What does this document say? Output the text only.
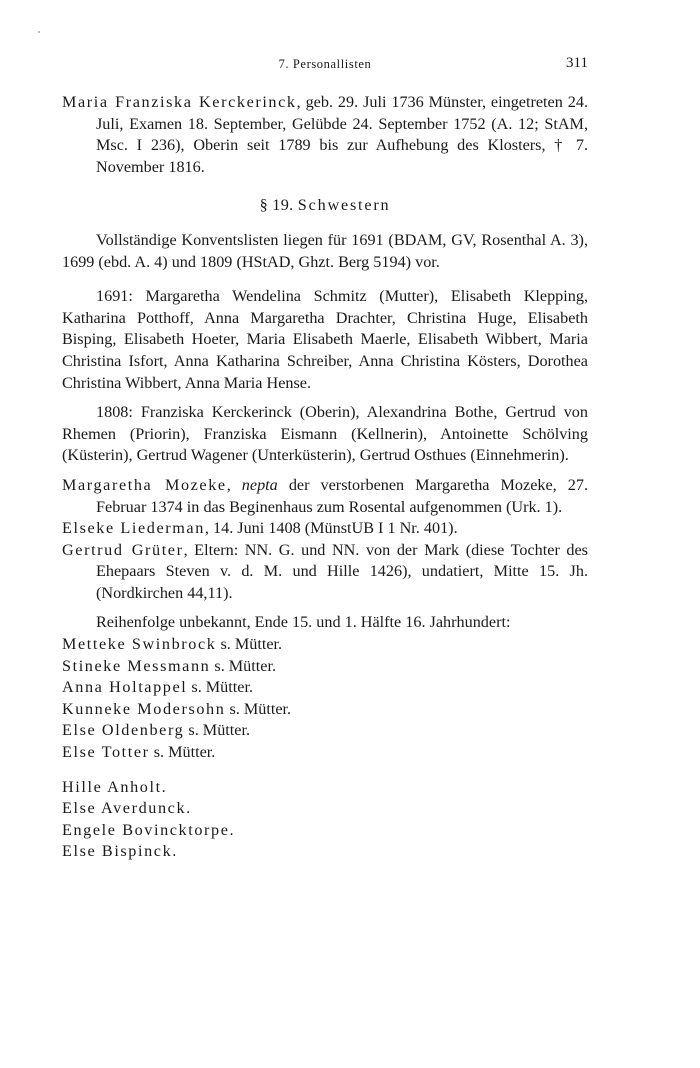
7. Personallisten	311

Maria Franziska Kerckerinck, geb. 29. Juli 1736 Münster, eingetreten 24. Juli, Examen 18. September, Gelübde 24. September 1752 (A. 12; StAM, Msc. I 236), Oberin seit 1789 bis zur Aufhebung des Klosters, † 7. November 1816.

§ 19. Schwestern

Vollständige Konventslisten liegen für 1691 (BDAM, GV, Rosenthal A. 3), 1699 (ebd. A. 4) und 1809 (HStAD, Ghzt. Berg 5194) vor.

1691: Margaretha Wendelina Schmitz (Mutter), Elisabeth Klepping, Katharina Potthoff, Anna Margaretha Drachter, Christina Huge, Elisabeth Bisping, Elisabeth Hoeter, Maria Elisabeth Maerle, Elisabeth Wibbert, Maria Christina Isfort, Anna Katharina Schreiber, Anna Christina Kösters, Dorothea Christina Wibbert, Anna Maria Hense.

1808: Franziska Kerckerinck (Oberin), Alexandrina Bothe, Gertrud von Rhemen (Priorin), Franziska Eismann (Kellnerin), Antoinette Schölving (Küsterin), Gertrud Wagener (Unterküsterin), Gertrud Osthues (Einnehmerin).

Margaretha Mozeke, nepta der verstorbenen Margaretha Mozeke, 27. Februar 1374 in das Beginenhaus zum Rosental aufgenommen (Urk. 1).

Elseke Liederman, 14. Juni 1408 (MünstUB I 1 Nr. 401).

Gertrud Grüter, Eltern: NN. G. und NN. von der Mark (diese Tochter des Ehepaars Steven v. d. M. und Hille 1426), undatiert, Mitte 15. Jh. (Nordkirchen 44,11).

Reihenfolge unbekannt, Ende 15. und 1. Hälfte 16. Jahrhundert:

Metteke Swinbrock s. Mütter.
Stineke Messmann s. Mütter.
Anna Holtappel s. Mütter.
Kunneke Modersohn s. Mütter.
Else Oldenberg s. Mütter.
Else Totter s. Mütter.
Hille Anholt.
Else Averdunck.
Engele Bovincktorpe.
Else Bispinck.
